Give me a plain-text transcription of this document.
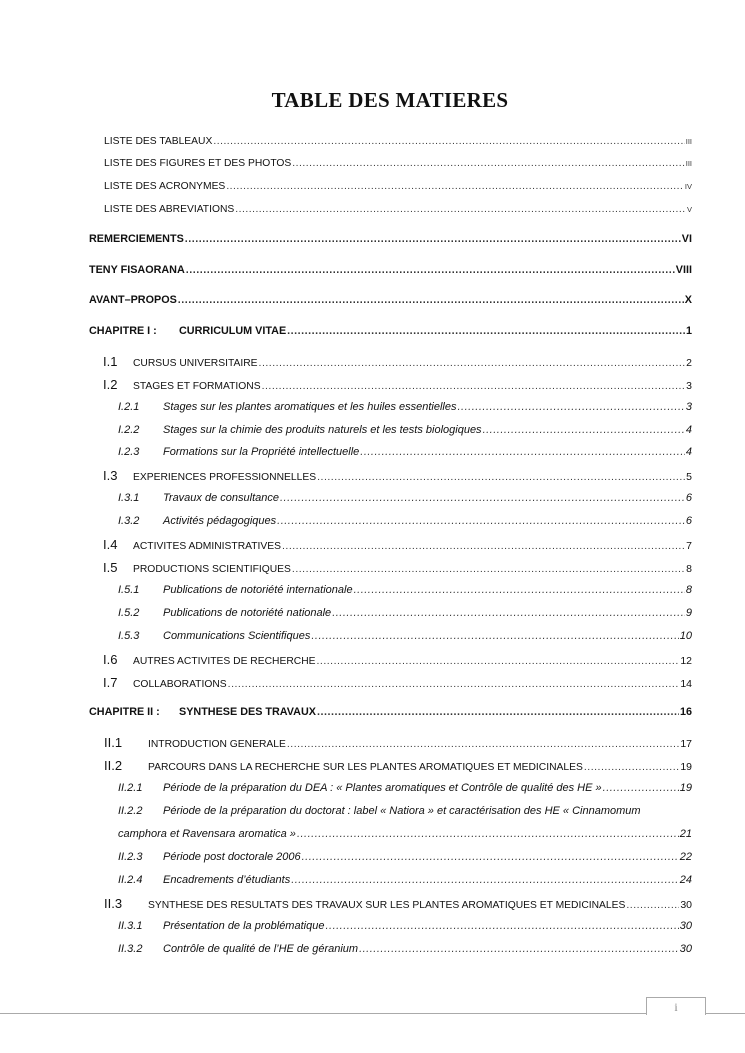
TABLE DES MATIERES
LISTE DES TABLEAUX .....	III
LISTE DES FIGURES ET DES PHOTOS .....	III
LISTE DES ACRONYMES .....	IV
LISTE DES ABREVIATIONS .....	V
REMERCIEMENTS .....	VI
TENY FISAORANA .....	VIII
AVANT–PROPOS .....	X
CHAPITRE I :	CURRICULUM VITAE .....	1
I.1	CURSUS UNIVERSITAIRE .....	2
I.2	STAGES ET FORMATIONS .....	3
I.2.1	Stages sur les plantes aromatiques et les huiles essentielles .....	3
I.2.2	Stages sur la chimie des produits naturels et les tests biologiques .....	4
I.2.3	Formations sur la Propriété intellectuelle .....	4
I.3	EXPERIENCES PROFESSIONNELLES .....	5
I.3.1	Travaux de consultance .....	6
I.3.2	Activités pédagogiques .....	6
I.4	ACTIVITES ADMINISTRATIVES .....	7
I.5	PRODUCTIONS SCIENTIFIQUES .....	8
I.5.1	Publications de notoriété internationale .....	8
I.5.2	Publications de notoriété nationale .....	9
I.5.3	Communications Scientifiques .....	10
I.6	AUTRES ACTIVITES DE RECHERCHE .....	12
I.7	COLLABORATIONS .....	14
CHAPITRE II :	SYNTHESE DES TRAVAUX .....	16
II.1	INTRODUCTION GENERALE .....	17
II.2	PARCOURS DANS LA RECHERCHE SUR LES PLANTES AROMATIQUES ET MEDICINALES .....	19
II.2.1	Période de la préparation du DEA : « Plantes aromatiques et Contrôle de qualité des HE » .....	19
II.2.2	Période de la préparation du doctorat : label « Natiora » et caractérisation des HE « Cinnamomum
camphora et Ravensara aromatica » .....	21
II.2.3	Période post doctorale 2006 .....	22
II.2.4	Encadrements d’étudiants .....	24
II.3	SYNTHESE DES RESULTATS DES TRAVAUX SUR LES PLANTES AROMATIQUES ET MEDICINALES .....	30
II.3.1	Présentation de la problématique .....	30
II.3.2	Contrôle de qualité de l’HE de géranium .....	30
i
